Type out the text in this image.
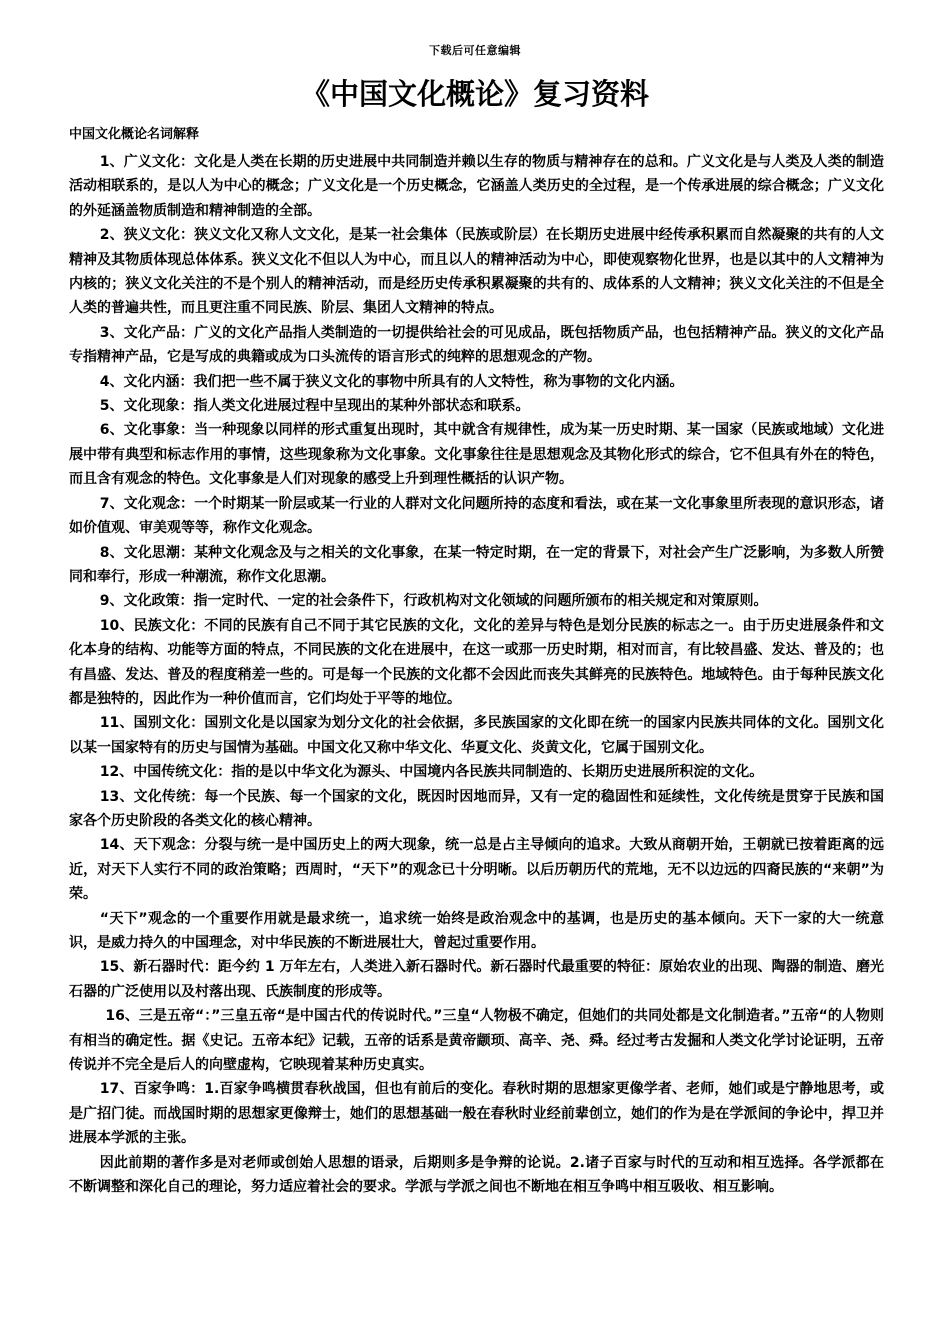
下载后可任意编辑
《中国文化概论》复习资料
中国文化概论名词解释

1、广义文化：文化是人类在长期的历史进展中共同制造并赖以生存的物质与精神存在的总和。广义文化是与人类及人类的制造活动相联系的，是以人为中心的概念；广义文化是一个历史概念，它涵盖人类历史的全过程，是一个传承进展的综合概念；广义文化的外延涵盖物质制造和精神制造的全部。

2、狭义文化：狭义文化又称人文文化，是某一社会集体（民族或阶层）在长期历史进展中经传承积累而自然凝聚的共有的人文精神及其物质体现总体体系。狭义文化不但以人为中心，而且以人的精神活动为中心，即使观察物化世界，也是以其中的人文精神为内核的；狭义文化关注的不是个别人的精神活动，而是经历史传承积累凝聚的共有的、成体系的人文精神；狭义文化关注的不但是全人类的普遍共性，而且更注重不同民族、阶层、集团人文精神的特点。

3、文化产品：广义的文化产品指人类制造的一切提供给社会的可见成品，既包括物质产品，也包括精神产品。狭义的文化产品专指精神产品，它是写成的典籍或成为口头流传的语言形式的纯粹的思想观念的产物。

4、文化内涵：我们把一些不属于狭义文化的事物中所具有的人文特性，称为事物的文化内涵。

5、文化现象：指人类文化进展过程中呈现出的某种外部状态和联系。

6、文化事象：当一种现象以同样的形式重复出现时，其中就含有规律性，成为某一历史时期、某一国家（民族或地域）文化进展中带有典型和标志作用的事情，这些现象称为文化事象。文化事象往往是思想观念及其物化形式的综合，它不但具有外在的特色，而且含有观念的特色。文化事象是人们对现象的感受上升到理性概括的认识产物。

7、文化观念：一个时期某一阶层或某一行业的人群对文化问题所持的态度和看法，或在某一文化事象里所表现的意识形态，诸如价值观、审美观等等，称作文化观念。

8、文化思潮：某种文化观念及与之相关的文化事象，在某一特定时期，在一定的背景下，对社会产生广泛影响，为多数人所赞同和奉行，形成一种潮流，称作文化思潮。

9、文化政策：指一定时代、一定的社会条件下，行政机构对文化领域的问题所颁布的相关规定和对策原则。

10、民族文化：不同的民族有自己不同于其它民族的文化，文化的差异与特色是划分民族的标志之一。由于历史进展条件和文化本身的结构、功能等方面的特点，不同民族的文化在进展中，在这一或那一历史时期，相对而言，有比较昌盛、发达、普及的；也有昌盛、发达、普及的程度稍差一些的。可是每一个民族的文化都不会因此而丧失其鲜亮的民族特色。地域特色。由于每种民族文化都是独特的，因此作为一种价值而言，它们均处于平等的地位。

11、国别文化：国别文化是以国家为划分文化的社会依据，多民族国家的文化即在统一的国家内民族共同体的文化。国别文化以某一国家特有的历史与国情为基础。中国文化又称中华文化、华夏文化、炎黄文化，它属于国别文化。

12、中国传统文化：指的是以中华文化为源头、中国境内各民族共同制造的、长期历史进展所积淀的文化。

13、文化传统：每一个民族、每一个国家的文化，既因时因地而异，又有一定的稳固性和延续性，文化传统是贯穿于民族和国家各个历史阶段的各类文化的核心精神。

14、天下观念：分裂与统一是中国历史上的两大现象，统一总是占主导倾向的追求。大致从商朝开始，王朝就已按着距离的远近，对天下人实行不同的政治策略；西周时，“天下”的观念已十分明晰。以后历朝历代的荒地，无不以边远的四裔民族的“来朝”为荣。

“天下”观念的一个重要作用就是最求统一，追求统一始终是政治观念中的基调，也是历史的基本倾向。天下一家的大一统意识，是威力持久的中国理念，对中华民族的不断进展壮大，曾起过重要作用。

15、新石器时代：距今约 1 万年左右，人类进入新石器时代。新石器时代最重要的特征：原始农业的出现、陶器的制造、磨光石器的广泛使用以及村落出现、氏族制度的形成等。

16、三是五帝“：”三皇五帝“是中国古代的传说时代。”三皇“人物极不确定，但她们的共同处都是文化制造者。”五帝“的人物则有相当的确定性。据《史记。五帝本纪》记载，五帝的话系是黄帝颛顼、高辛、尧、舜。经过考古发掘和人类文化学讨论证明，五帝传说并不完全是后人的向壁虚构，它映现着某种历史真实。

17、百家争鸣：1.百家争鸣横贯春秋战国，但也有前后的变化。春秋时期的思想家更像学者、老师，她们或是宁静地思考，或是广招门徒。而战国时期的思想家更像辩士，她们的思想基础一般在春秋时业经前辈创立，她们的作为是在学派间的争论中，捍卫并进展本学派的主张。

因此前期的著作多是对老师或创始人思想的语录，后期则多是争辩的论说。2.诸子百家与时代的互动和相互选择。各学派都在不断调整和深化自己的理论，努力适应着社会的要求。学派与学派之间也不断地在相互争鸣中相互吸收、相互影响。
